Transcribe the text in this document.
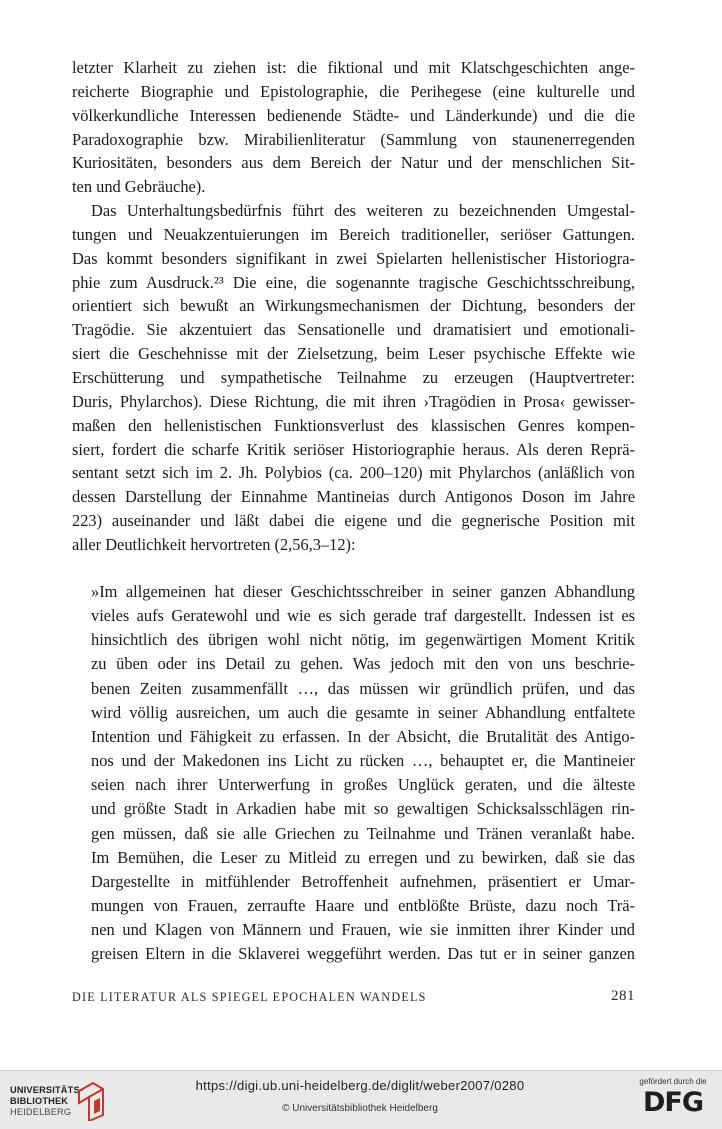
letzter Klarheit zu ziehen ist: die fiktional und mit Klatschgeschichten ange-
reicherte Biographie und Epistolographie, die Perihegese (eine kulturelle und
völkerkundliche Interessen bedienende Städte- und Länderkunde) und die die
Paradoxographie bzw. Mirabilienliteratur (Sammlung von staunenerregenden
Kuriositäten, besonders aus dem Bereich der Natur und der menschlichen Sit-
ten und Gebräuche).
Das Unterhaltungsbedürfnis führt des weiteren zu bezeichnenden Umgestal-
tungen und Neuakzentuierungen im Bereich traditioneller, seriöser Gattungen.
Das kommt besonders signifikant in zwei Spielarten hellenistischer Historiogra-
phie zum Ausdruck.²³ Die eine, die sogenannte tragische Geschichtsschreibung,
orientiert sich bewußt an Wirkungsmechanismen der Dichtung, besonders der
Tragödie. Sie akzentuiert das Sensationelle und dramatisiert und emotionali-
siert die Geschehnisse mit der Zielsetzung, beim Leser psychische Effekte wie
Erschütterung und sympathetische Teilnahme zu erzeugen (Hauptvertreter:
Duris, Phylarchos). Diese Richtung, die mit ihren ›Tragödien in Prosa‹ gewisser-
maßen den hellenistischen Funktionsverlust des klassischen Genres kompen-
siert, fordert die scharfe Kritik seriöser Historiographie heraus. Als deren Reprä-
sentant setzt sich im 2. Jh. Polybios (ca. 200–120) mit Phylarchos (anläßlich von
dessen Darstellung der Einnahme Mantineias durch Antigonos Doson im Jahre
223) auseinander und läßt dabei die eigene und die gegnerische Position mit
aller Deutlichkeit hervortreten (2,56,3–12):
»Im allgemeinen hat dieser Geschichtsschreiber in seiner ganzen Abhandlung
vieles aufs Geratewohl und wie es sich gerade traf dargestellt. Indessen ist es
hinsichtlich des übrigen wohl nicht nötig, im gegenwärtigen Moment Kritik
zu üben oder ins Detail zu gehen. Was jedoch mit den von uns beschrie-
benen Zeiten zusammenfällt …, das müssen wir gründlich prüfen, und das
wird völlig ausreichen, um auch die gesamte in seiner Abhandlung entfaltete
Intention und Fähigkeit zu erfassen. In der Absicht, die Brutalität des Antigo-
nos und der Makedonen ins Licht zu rücken …, behauptet er, die Mantineier
seien nach ihrer Unterwerfung in großes Unglück geraten, und die älteste
und größte Stadt in Arkadien habe mit so gewaltigen Schicksalsschlägen rin-
gen müssen, daß sie alle Griechen zu Teilnahme und Tränen veranlaßt habe.
Im Bemühen, die Leser zu Mitleid zu erregen und zu bewirken, daß sie das
Dargestellte in mitfühlender Betroffenheit aufnehmen, präsentiert er Umar-
mungen von Frauen, zerraufte Haare und entblößte Brüste, dazu noch Trä-
nen und Klagen von Männern und Frauen, wie sie inmitten ihrer Kinder und
greisen Eltern in die Sklaverei weggeführt werden. Das tut er in seiner ganzen
DIE LITERATUR ALS SPIEGEL EPOCHALEN WANDELS	281
UNIVERSITÄTS-
BIBLIOTHEK
HEIDELBERG
https://digi.ub.uni-heidelberg.de/diglit/weber2007/0280
© Universitätsbibliothek Heidelberg
gefördert durch die
DFG
